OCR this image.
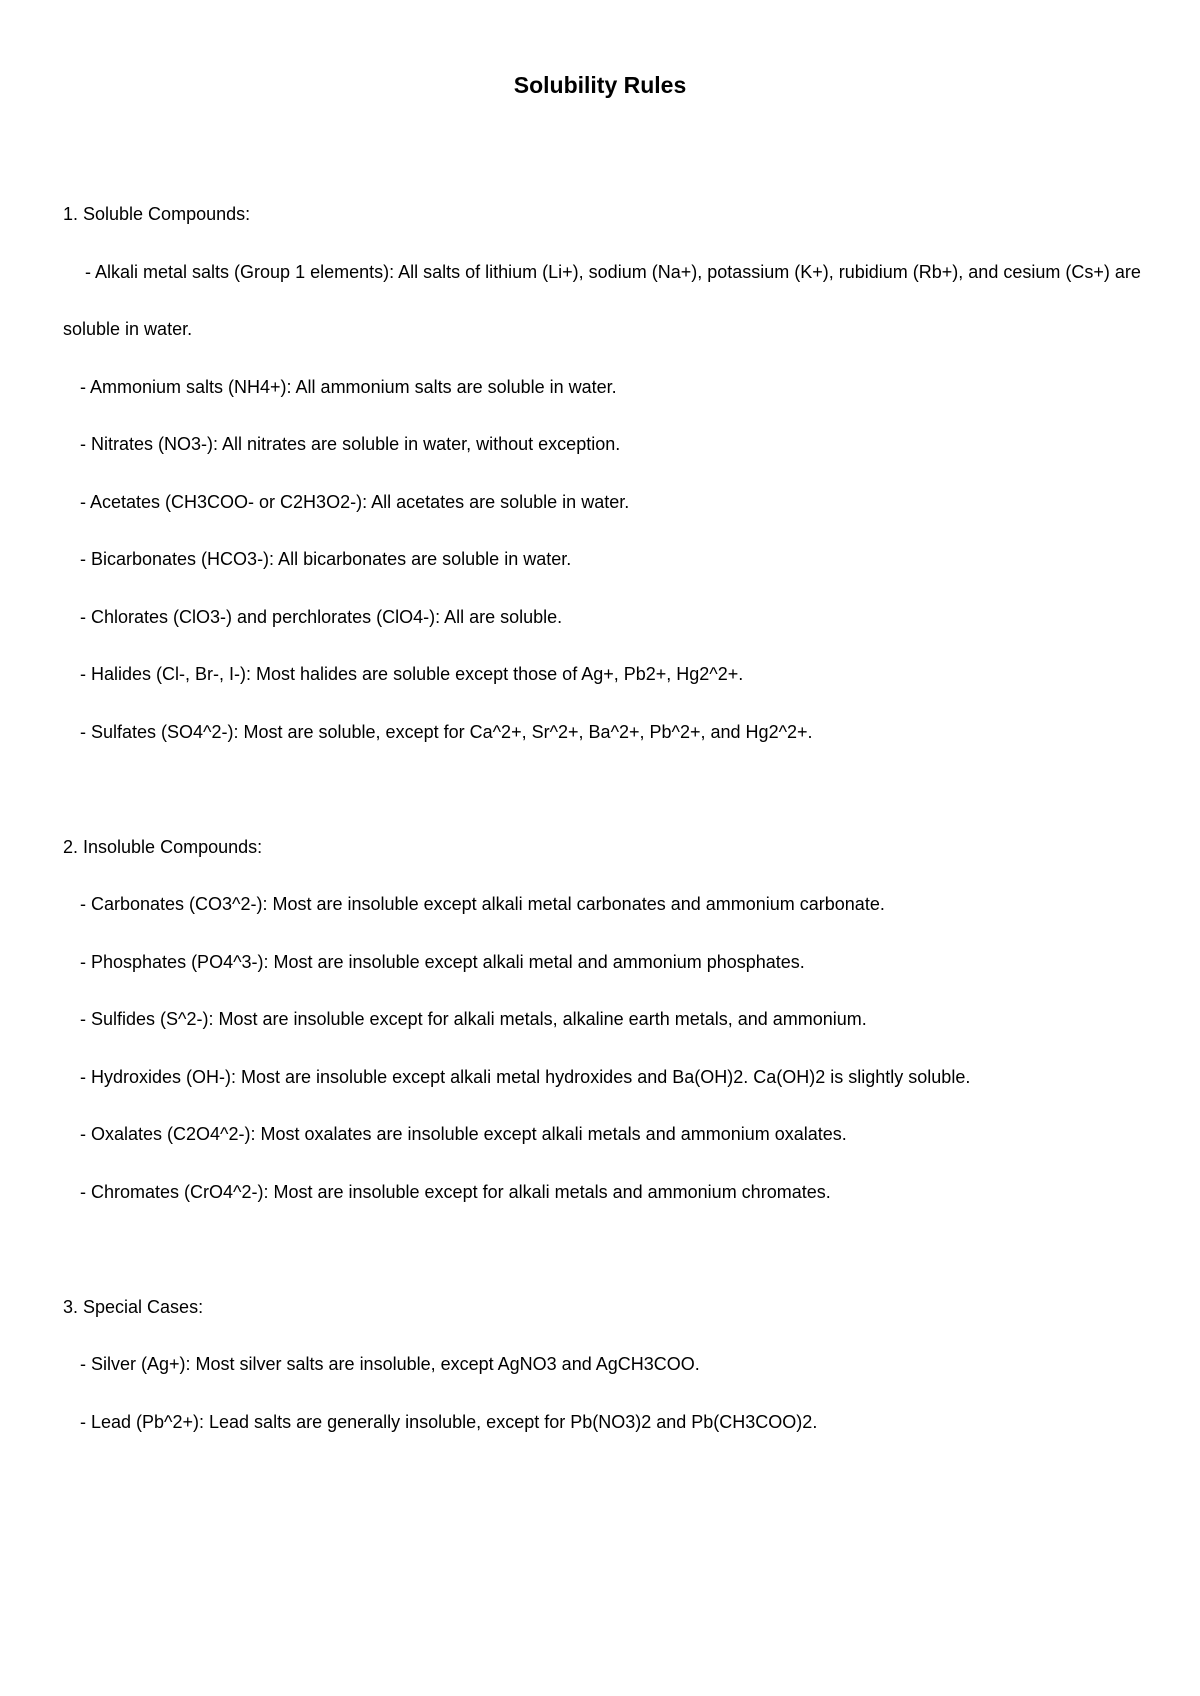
Solubility Rules
1. Soluble Compounds:
- Alkali metal salts (Group 1 elements): All salts of lithium (Li+), sodium (Na+), potassium (K+), rubidium (Rb+), and cesium (Cs+) are soluble in water.
- Ammonium salts (NH4+): All ammonium salts are soluble in water.
- Nitrates (NO3-): All nitrates are soluble in water, without exception.
- Acetates (CH3COO- or C2H3O2-): All acetates are soluble in water.
- Bicarbonates (HCO3-): All bicarbonates are soluble in water.
- Chlorates (ClO3-) and perchlorates (ClO4-): All are soluble.
- Halides (Cl-, Br-, I-): Most halides are soluble except those of Ag+, Pb2+, Hg2^2+.
- Sulfates (SO4^2-): Most are soluble, except for Ca^2+, Sr^2+, Ba^2+, Pb^2+, and Hg2^2+.
2. Insoluble Compounds:
- Carbonates (CO3^2-): Most are insoluble except alkali metal carbonates and ammonium carbonate.
- Phosphates (PO4^3-): Most are insoluble except alkali metal and ammonium phosphates.
- Sulfides (S^2-): Most are insoluble except for alkali metals, alkaline earth metals, and ammonium.
- Hydroxides (OH-): Most are insoluble except alkali metal hydroxides and Ba(OH)2. Ca(OH)2 is slightly soluble.
- Oxalates (C2O4^2-): Most oxalates are insoluble except alkali metals and ammonium oxalates.
- Chromates (CrO4^2-): Most are insoluble except for alkali metals and ammonium chromates.
3. Special Cases:
- Silver (Ag+): Most silver salts are insoluble, except AgNO3 and AgCH3COO.
- Lead (Pb^2+): Lead salts are generally insoluble, except for Pb(NO3)2 and Pb(CH3COO)2.
